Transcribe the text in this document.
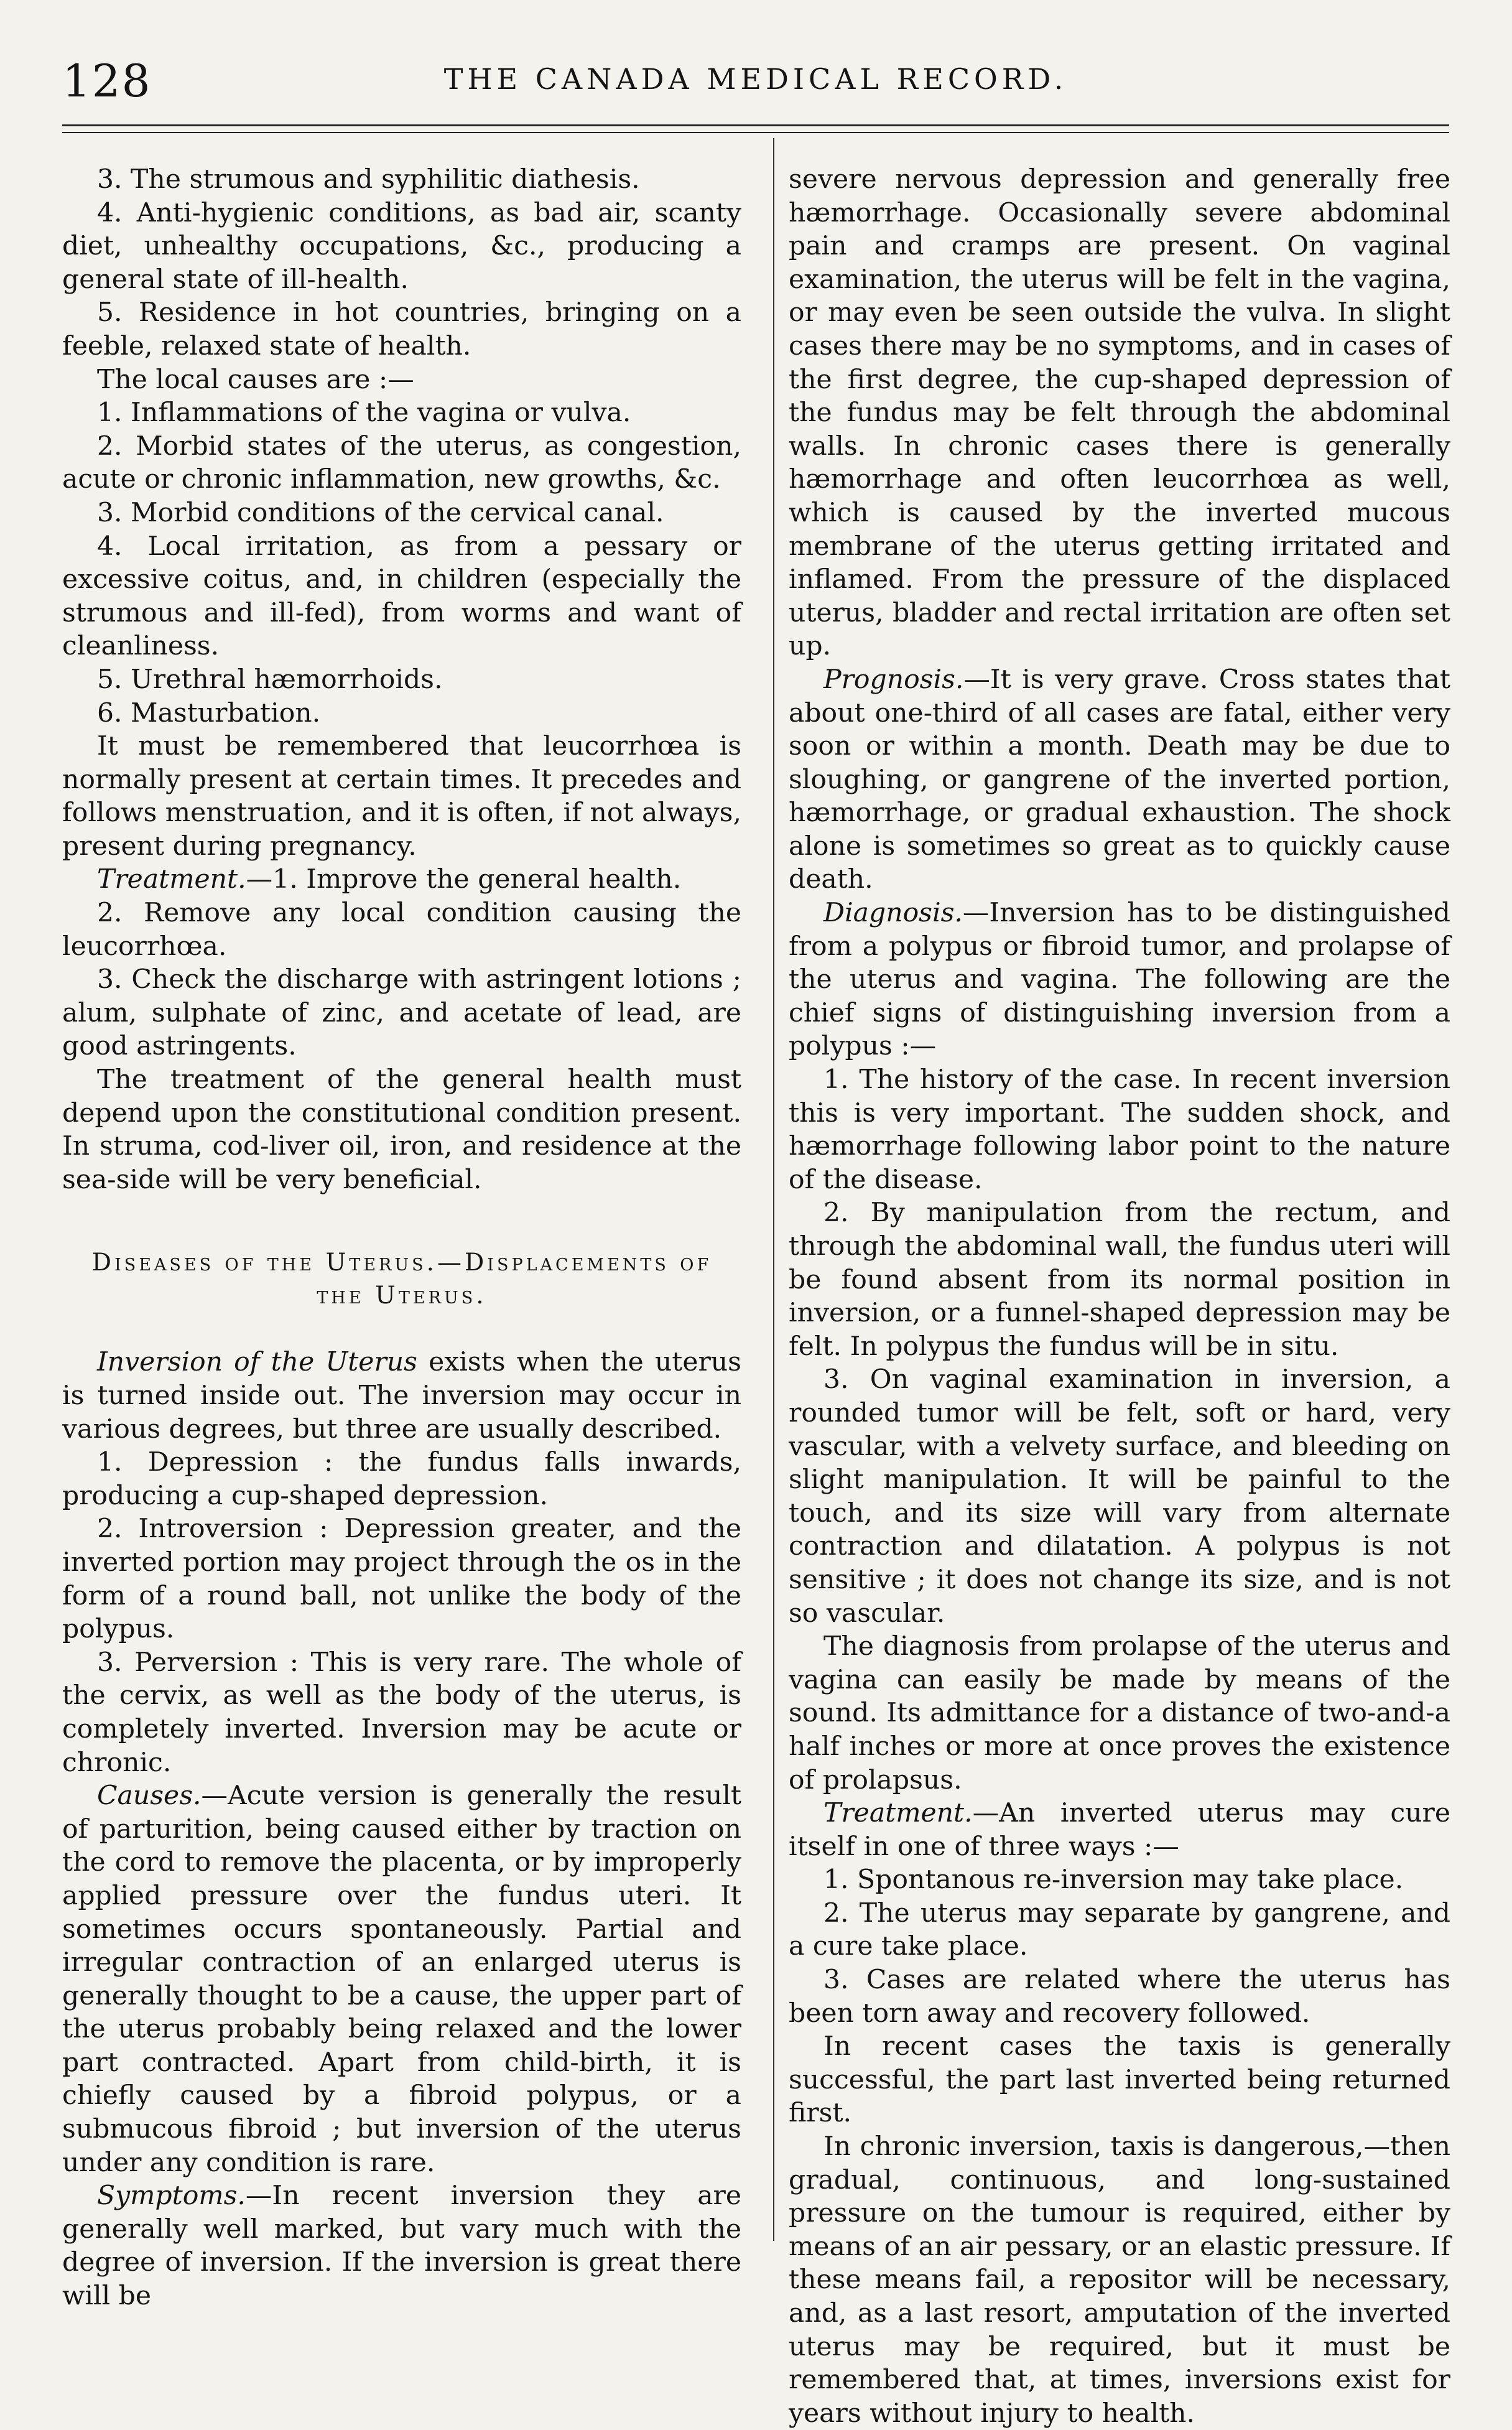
128	THE CANADA MEDICAL RECORD.

3. The strumous and syphilitic diathesis.

4. Anti-hygienic conditions, as bad air, scanty diet, unhealthy occupations, &c., producing a general state of ill-health.

5. Residence in hot countries, bringing on a feeble, relaxed state of health.

The local causes are :—

1. Inflammations of the vagina or vulva.

2. Morbid states of the uterus, as congestion, acute or chronic inflammation, new growths, &c.

3. Morbid conditions of the cervical canal.

4. Local irritation, as from a pessary or excessive coitus, and, in children (especially the strumous and ill-fed), from worms and want of cleanliness.

5. Urethral hæmorrhoids.

6. Masturbation.

It must be remembered that leucorrhœa is normally present at certain times. It precedes and follows menstruation, and it is often, if not always, present during pregnancy.

Treatment.—1. Improve the general health.

2. Remove any local condition causing the leucorrhœa.

3. Check the discharge with astringent lotions ; alum, sulphate of zinc, and acetate of lead, are good astringents.

The treatment of the general health must depend upon the constitutional condition present. In struma, cod-liver oil, iron, and residence at the sea-side will be very beneficial.

Diseases of the Uterus.—Displacements of
the Uterus.

Inversion of the Uterus exists when the uterus is turned inside out. The inversion may occur in various degrees, but three are usually described.

1. Depression : the fundus falls inwards, producing a cup-shaped depression.

2. Introversion : Depression greater, and the inverted portion may project through the os in the form of a round ball, not unlike the body of the polypus.

3. Perversion : This is very rare. The whole of the cervix, as well as the body of the uterus, is completely inverted. Inversion may be acute or chronic.

Causes.—Acute version is generally the result of parturition, being caused either by traction on the cord to remove the placenta, or by improperly applied pressure over the fundus uteri. It sometimes occurs spontaneously. Partial and irregular contraction of an enlarged uterus is generally thought to be a cause, the upper part of the uterus probably being relaxed and the lower part contracted. Apart from child-birth, it is chiefly caused by a fibroid polypus, or a submucous fibroid ; but inversion of the uterus under any condition is rare.

Symptoms.—In recent inversion they are generally well marked, but vary much with the degree of inversion. If the inversion is great there will be

severe nervous depression and generally free hæmorrhage. Occasionally severe abdominal pain and cramps are present. On vaginal examination, the uterus will be felt in the vagina, or may even be seen outside the vulva. In slight cases there may be no symptoms, and in cases of the first degree, the cup-shaped depression of the fundus may be felt through the abdominal walls. In chronic cases there is generally hæmorrhage and often leucorrhœa as well, which is caused by the inverted mucous membrane of the uterus getting irritated and inflamed. From the pressure of the displaced uterus, bladder and rectal irritation are often set up.

Prognosis.—It is very grave. Cross states that about one-third of all cases are fatal, either very soon or within a month. Death may be due to sloughing, or gangrene of the inverted portion, hæmorrhage, or gradual exhaustion. The shock alone is sometimes so great as to quickly cause death.

Diagnosis.—Inversion has to be distinguished from a polypus or fibroid tumor, and prolapse of the uterus and vagina. The following are the chief signs of distinguishing inversion from a polypus :—

1. The history of the case. In recent inversion this is very important. The sudden shock, and hæmorrhage following labor point to the nature of the disease.

2. By manipulation from the rectum, and through the abdominal wall, the fundus uteri will be found absent from its normal position in inversion, or a funnel-shaped depression may be felt. In polypus the fundus will be in situ.

3. On vaginal examination in inversion, a rounded tumor will be felt, soft or hard, very vascular, with a velvety surface, and bleeding on slight manipulation. It will be painful to the touch, and its size will vary from alternate contraction and dilatation. A polypus is not sensitive ; it does not change its size, and is not so vascular.

The diagnosis from prolapse of the uterus and vagina can easily be made by means of the sound. Its admittance for a distance of two-and-a half inches or more at once proves the existence of prolapsus.

Treatment.—An inverted uterus may cure itself in one of three ways :—

1. Spontanous re-inversion may take place.

2. The uterus may separate by gangrene, and a cure take place.

3. Cases are related where the uterus has been torn away and recovery followed.

In recent cases the taxis is generally successful, the part last inverted being returned first.

In chronic inversion, taxis is dangerous,—then gradual, continuous, and long-sustained pressure on the tumour is required, either by means of an air pessary, or an elastic pressure. If these means fail, a repositor will be necessary, and, as a last resort, amputation of the inverted uterus may be required, but it must be remembered that, at times, inversions exist for years without injury to health.
